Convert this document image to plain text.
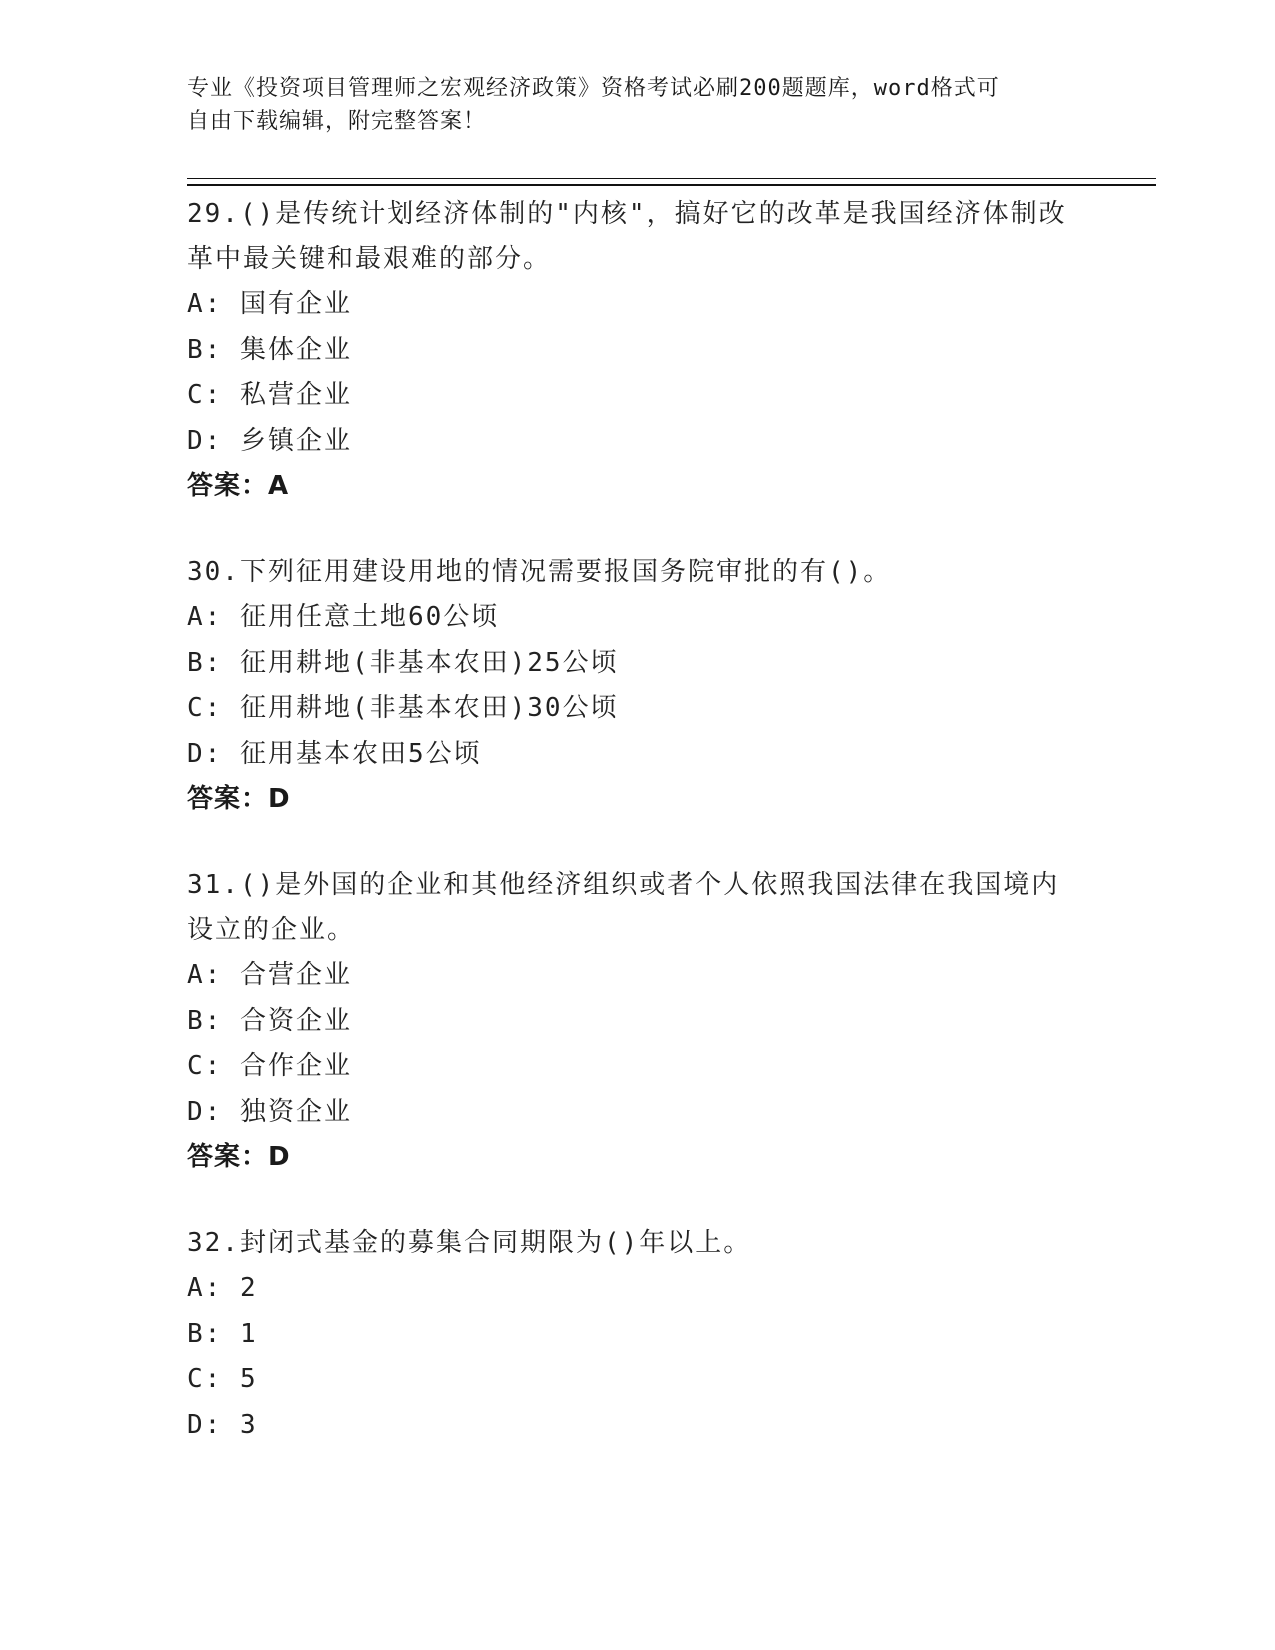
专业《投资项目管理师之宏观经济政策》资格考试必刷200题题库，word格式可
自由下载编辑，附完整答案！

29.()是传统计划经济体制的"内核"，搞好它的改革是我国经济体制改革中最关键和最艰难的部分。

A: 国有企业

B: 集体企业

C: 私营企业

D: 乡镇企业

答案：A

30.下列征用建设用地的情况需要报国务院审批的有()。

A: 征用任意土地60公顷

B: 征用耕地(非基本农田)25公顷

C: 征用耕地(非基本农田)30公顷

D: 征用基本农田5公顷

答案：D

31.()是外国的企业和其他经济组织或者个人依照我国法律在我国境内设立的企业。

A: 合营企业

B: 合资企业

C: 合作企业

D: 独资企业

答案：D

32.封闭式基金的募集合同期限为()年以上。

A: 2

B: 1

C: 5

D: 3
